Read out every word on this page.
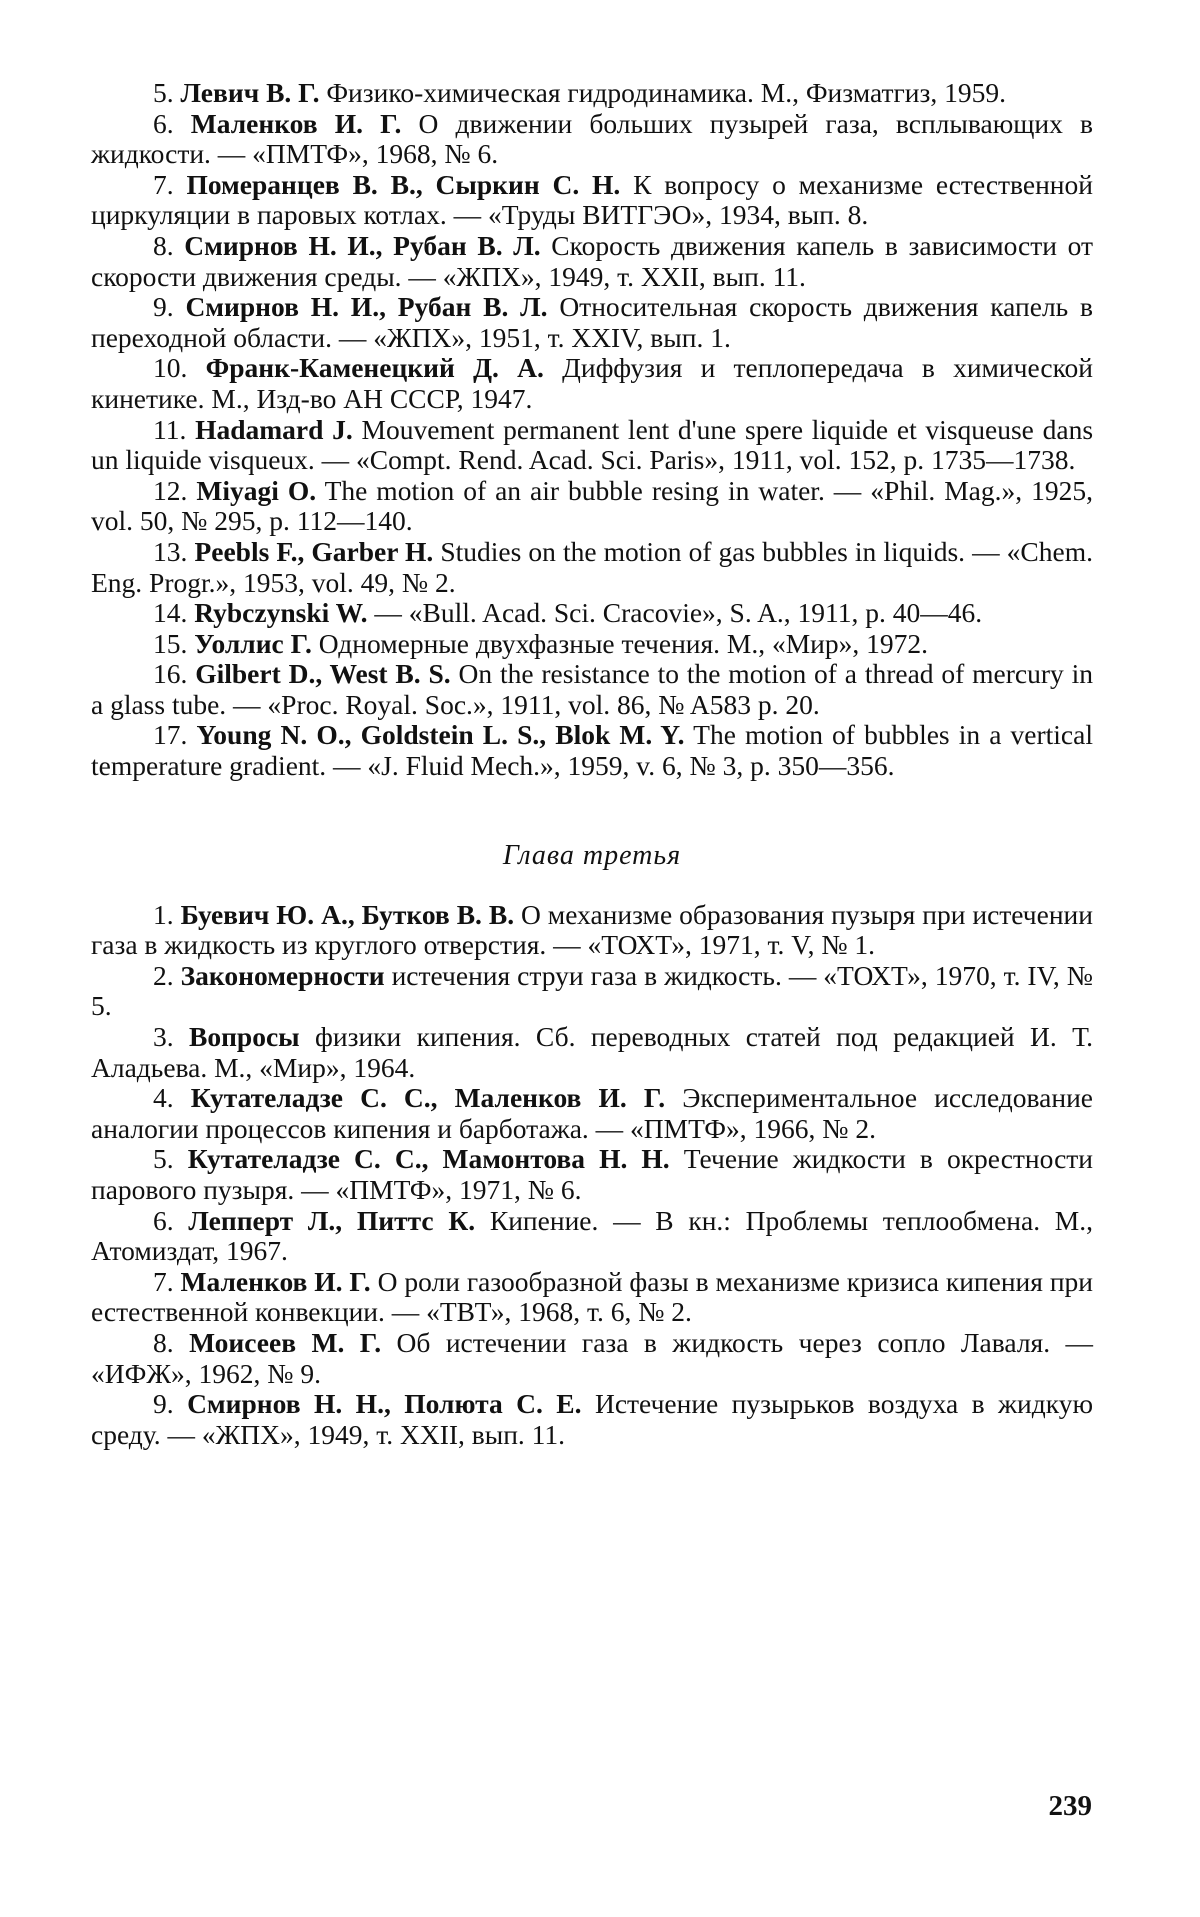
5. Левич В. Г. Физико-химическая гидродинамика. М., Физматгиз, 1959.

6. Маленков И. Г. О движении больших пузырей газа, всплывающих в жидкости. — «ПМТФ», 1968, № 6.

7. Померанцев В. В., Сыркин С. Н. К вопросу о механизме естественной циркуляции в паровых котлах. — «Труды ВИТГЭО», 1934, вып. 8.

8. Смирнов Н. И., Рубан В. Л. Скорость движения капель в зависимости от скорости движения среды. — «ЖПХ», 1949, т. XXII, вып. 11.

9. Смирнов Н. И., Рубан В. Л. Относительная скорость движения капель в переходной области. — «ЖПХ», 1951, т. XXIV, вып. 1.

10. Франк-Каменецкий Д. А. Диффузия и теплопередача в химической кинетике. М., Изд-во АН СССР, 1947.

11. Hadamard J. Mouvement permanent lent d'une spere liquide et visqueuse dans un liquide visqueux. — «Compt. Rend. Acad. Sci. Paris», 1911, vol. 152, p. 1735—1738.

12. Miyagi O. The motion of an air bubble resing in water. — «Phil. Mag.», 1925, vol. 50, № 295, p. 112—140.

13. Peebls F., Garber H. Studies on the motion of gas bubbles in liquids. — «Chem. Eng. Progr.», 1953, vol. 49, № 2.

14. Rybczynski W. — «Bull. Acad. Sci. Cracovie», S. A., 1911, p. 40—46.

15. Уоллис Г. Одномерные двухфазные течения. М., «Мир», 1972.

16. Gilbert D., West B. S. On the resistance to the motion of a thread of mercury in a glass tube. — «Proc. Royal. Soc.», 1911, vol. 86, № A583 p. 20.

17. Young N. O., Goldstein L. S., Blok M. Y. The motion of bubbles in a vertical temperature gradient. — «J. Fluid Mech.», 1959, v. 6, № 3, p. 350—356.

Глава третья

1. Буевич Ю. А., Бутков В. В. О механизме образования пузыря при истечении газа в жидкость из круглого отверстия. — «ТОХТ», 1971, т. V, № 1.

2. Закономерности истечения струи газа в жидкость. — «ТОХТ», 1970, т. IV, № 5.

3. Вопросы физики кипения. Сб. переводных статей под редакцией И. Т. Аладьева. М., «Мир», 1964.

4. Кутателадзе С. С., Маленков И. Г. Экспериментальное исследование аналогии процессов кипения и барботажа. — «ПМТФ», 1966, № 2.

5. Кутателадзе С. С., Мамонтова Н. Н. Течение жидкости в окрестности парового пузыря. — «ПМТФ», 1971, № 6.

6. Лепперт Л., Питтс К. Кипение. — В кн.: Проблемы теплообмена. М., Атомиздат, 1967.

7. Маленков И. Г. О роли газообразной фазы в механизме кризиса кипения при естественной конвекции. — «ТВТ», 1968, т. 6, № 2.

8. Моисеев М. Г. Об истечении газа в жидкость через сопло Лаваля. — «ИФЖ», 1962, № 9.

9. Смирнов Н. Н., Полюта С. Е. Истечение пузырьков воздуха в жидкую среду. — «ЖПХ», 1949, т. XXII, вып. 11.

239
